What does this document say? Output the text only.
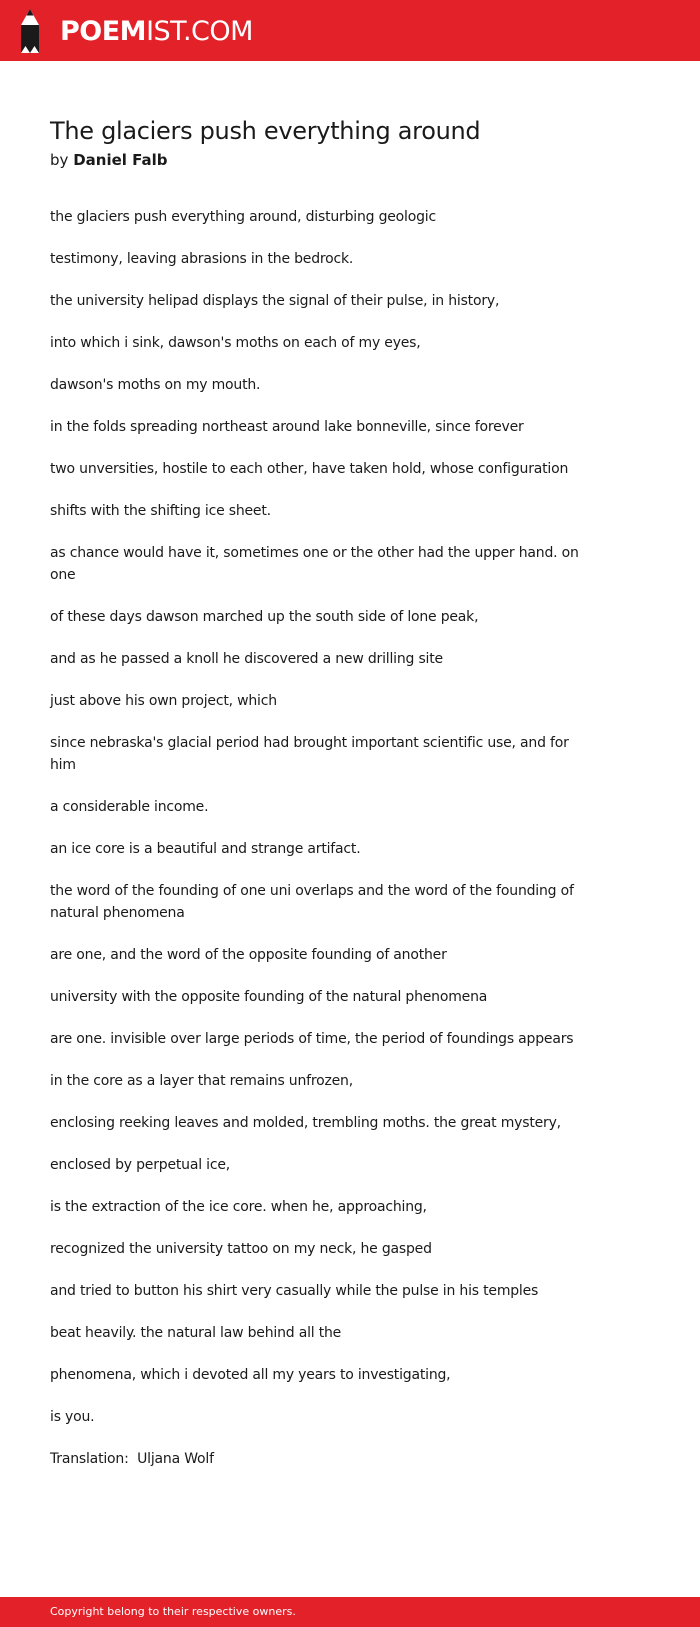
POEMIST.COM
The glaciers push everything around

by Daniel Falb

the glaciers push everything around, disturbing geologic

testimony, leaving abrasions in the bedrock.

the university helipad displays the signal of their pulse, in history,

into which i sink, dawson's moths on each of my eyes,

dawson's moths on my mouth.

in the folds spreading northeast around lake bonneville, since forever

two unversities, hostile to each other, have taken hold, whose configuration

shifts with the shifting ice sheet.

as chance would have it, sometimes one or the other had the upper hand. on one

of these days dawson marched up the south side of lone peak,

and as he passed a knoll he discovered a new drilling site

just above his own project, which

since nebraska's glacial period had brought important scientific use, and for him

a considerable income.

an ice core is a beautiful and strange artifact.

the word of the founding of one uni overlaps and the word of the founding of natural phenomena

are one, and the word of the opposite founding of another

university with the opposite founding of the natural phenomena

are one. invisible over large periods of time, the period of foundings appears

in the core as a layer that remains unfrozen,

enclosing reeking leaves and molded, trembling moths. the great mystery,

enclosed by perpetual ice,

is the extraction of the ice core. when he, approaching,

recognized the university tattoo on my neck, he gasped

and tried to button his shirt very casually while the pulse in his temples

beat heavily. the natural law behind all the

phenomena, which i devoted all my years to investigating,

is you.

Translation:  Uljana Wolf

Copyright belong to their respective owners.
